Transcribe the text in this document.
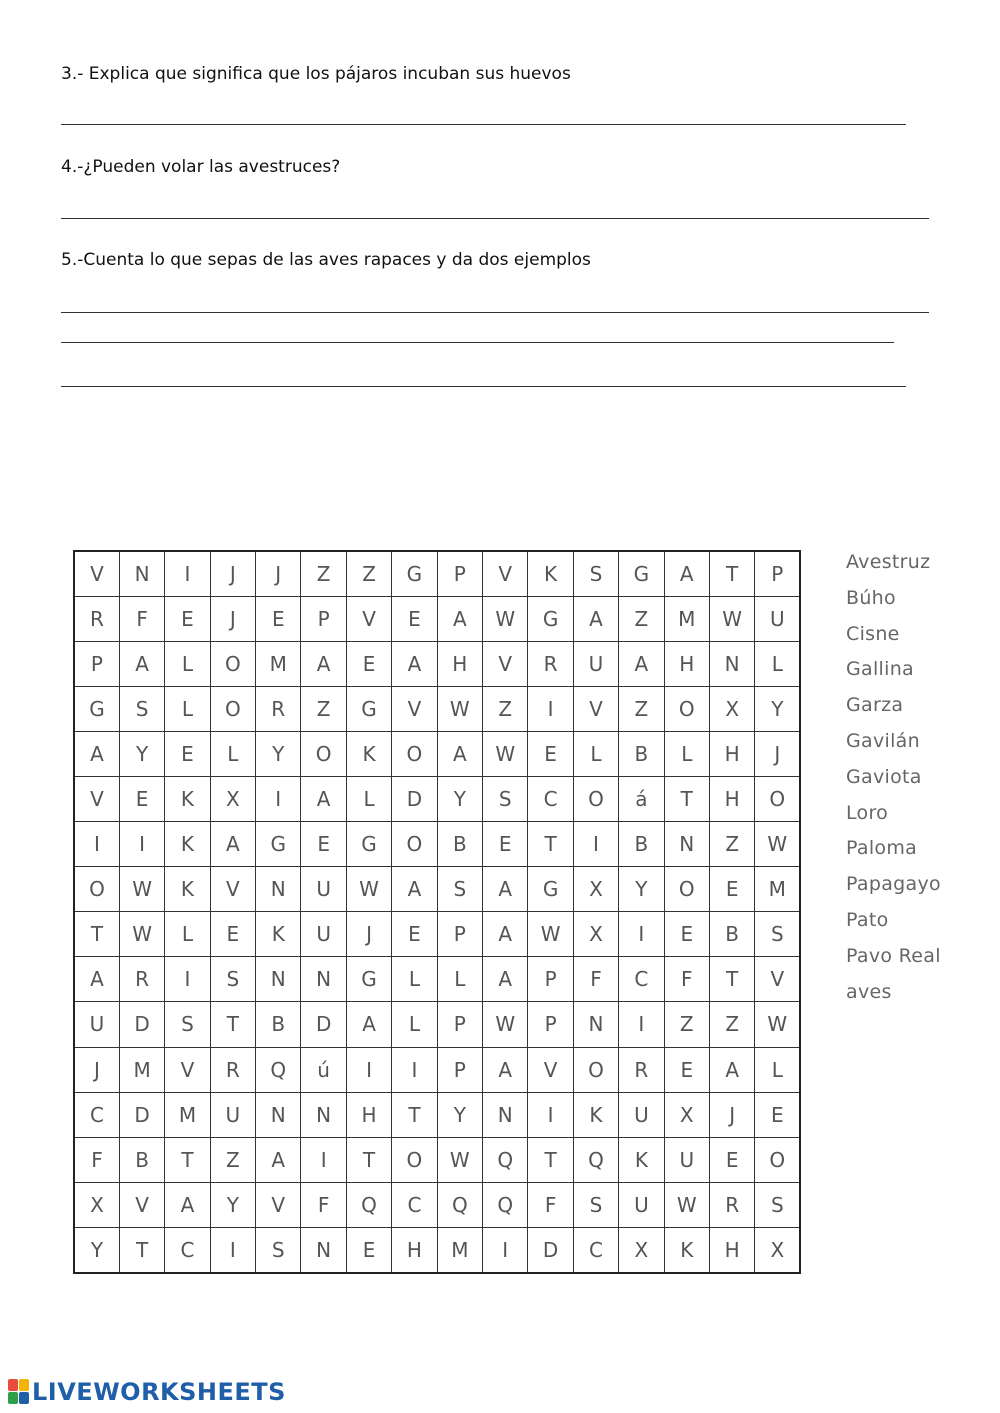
3.- Explica que significa que los pájaros incuban sus huevos
4.-¿Pueden volar las avestruces?
5.-Cuenta lo que sepas de las aves rapaces y da dos ejemplos
V	N	I	J	J	Z	Z	G	P	V	K	S	G	A	T	P
R	F	E	J	E	P	V	E	A	W	G	A	Z	M	W	U
P	A	L	O	M	A	E	A	H	V	R	U	A	H	N	L
G	S	L	O	R	Z	G	V	W	Z	I	V	Z	O	X	Y
A	Y	E	L	Y	O	K	O	A	W	E	L	B	L	H	J
V	E	K	X	I	A	L	D	Y	S	C	O	á	T	H	O
I	I	K	A	G	E	G	O	B	E	T	I	B	N	Z	W
O	W	K	V	N	U	W	A	S	A	G	X	Y	O	E	M
T	W	L	E	K	U	J	E	P	A	W	X	I	E	B	S
A	R	I	S	N	N	G	L	L	A	P	F	C	F	T	V
U	D	S	T	B	D	A	L	P	W	P	N	I	Z	Z	W
J	M	V	R	Q	ú	I	I	P	A	V	O	R	E	A	L
C	D	M	U	N	N	H	T	Y	N	I	K	U	X	J	E
F	B	T	Z	A	I	T	O	W	Q	T	Q	K	U	E	O
X	V	A	Y	V	F	Q	C	Q	Q	F	S	U	W	R	S
Y	T	C	I	S	N	E	H	M	I	D	C	X	K	H	X
Avestruz
Búho
Cisne
Gallina
Garza
Gavilán
Gaviota
Loro
Paloma
Papagayo
Pato
Pavo Real
aves
LIVEWORKSHEETS
